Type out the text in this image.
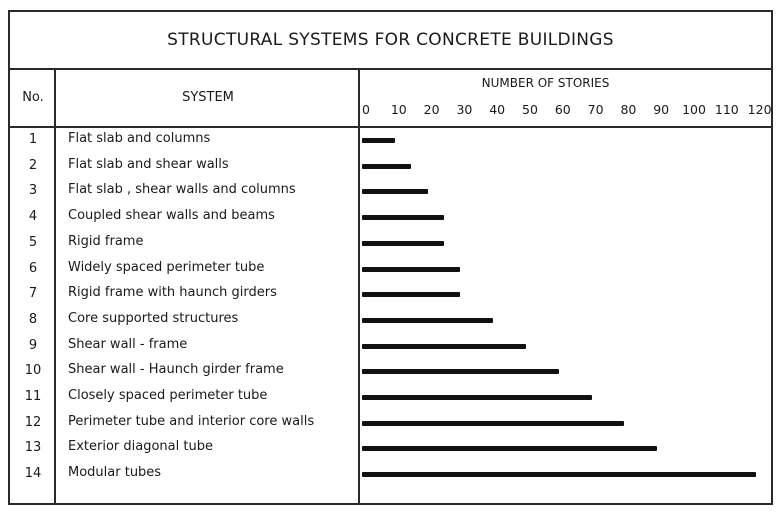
STRUCTURAL SYSTEMS FOR CONCRETE BUILDINGS
No.	SYSTEM
NUMBER OF STORIES
0 10 20 30 40 50 60 70 80 90 100 110 120
1	Flat slab and columns
2	Flat slab and shear walls
3	Flat slab , shear walls and columns
4	Coupled shear walls and beams
5	Rigid frame
6	Widely spaced perimeter tube
7	Rigid frame with haunch girders
8	Core supported structures
9	Shear wall - frame
10	Shear wall - Haunch girder frame
11	Closely spaced perimeter tube
12	Perimeter tube and interior core walls
13	Exterior diagonal tube
14	Modular tubes
